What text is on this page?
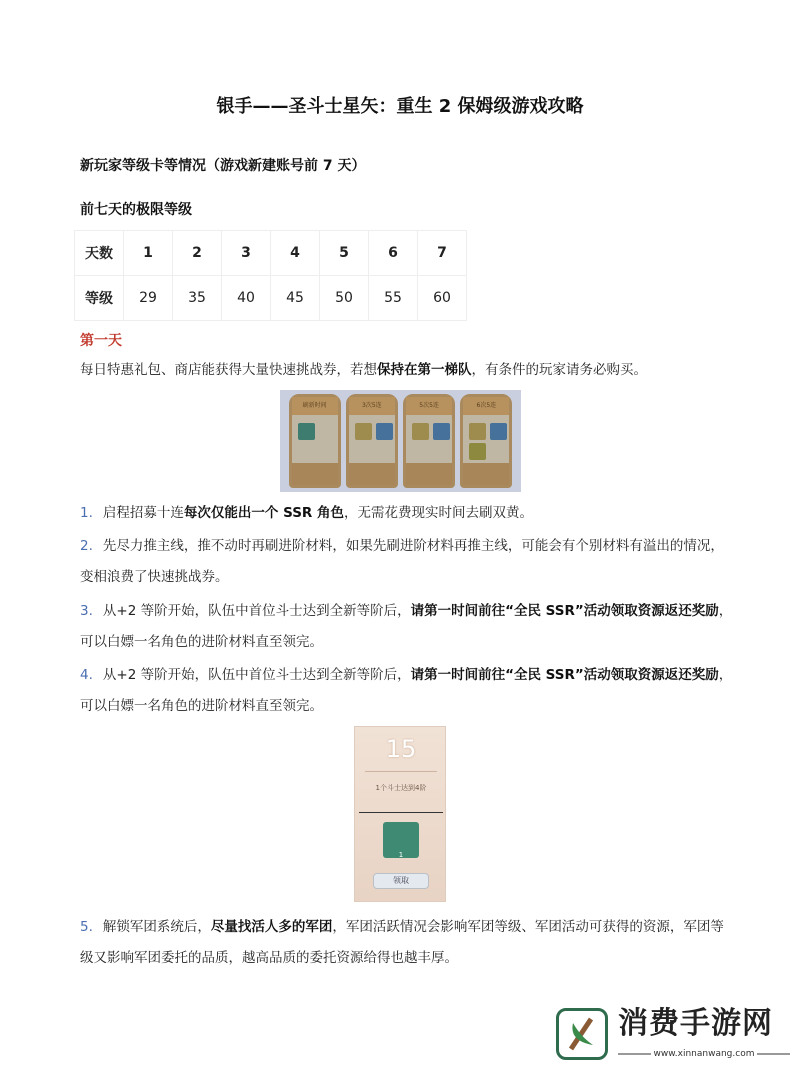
银手——圣斗士星矢：重生 2 保姆级游戏攻略
新玩家等级卡等情况（游戏新建账号前 7 天）
前七天的极限等级
天数	1	2	3	4	5	6	7
等级	29	35	40	45	50	55	60
第一天
每日特惠礼包、商店能获得大量快速挑战券，若想保持在第一梯队，有条件的玩家请务必购买。
刷新时间	3次5连	5次5连	6次5连
1. 启程招募十连每次仅能出一个 SSR 角色，无需花费现实时间去刷双黄。
2. 先尽力推主线，推不动时再刷进阶材料，如果先刷进阶材料再推主线，可能会有个别材料有溢出的情况，变相浪费了快速挑战券。
3. 从+2 等阶开始，队伍中首位斗士达到全新等阶后，请第一时间前往“全民 SSR”活动领取资源返还奖励，可以白嫖一名角色的进阶材料直至领完。
4. 从+2 等阶开始，队伍中首位斗士达到全新等阶后，请第一时间前往“全民 SSR”活动领取资源返还奖励，可以白嫖一名角色的进阶材料直至领完。
15
1个斗士达到4阶
1
领取
5. 解锁军团系统后，尽量找活人多的军团，军团活跃情况会影响军团等级、军团活动可获得的资源，军团等级又影响军团委托的品质，越高品质的委托资源给得也越丰厚。
消费手游网
www.xinnanwang.com
